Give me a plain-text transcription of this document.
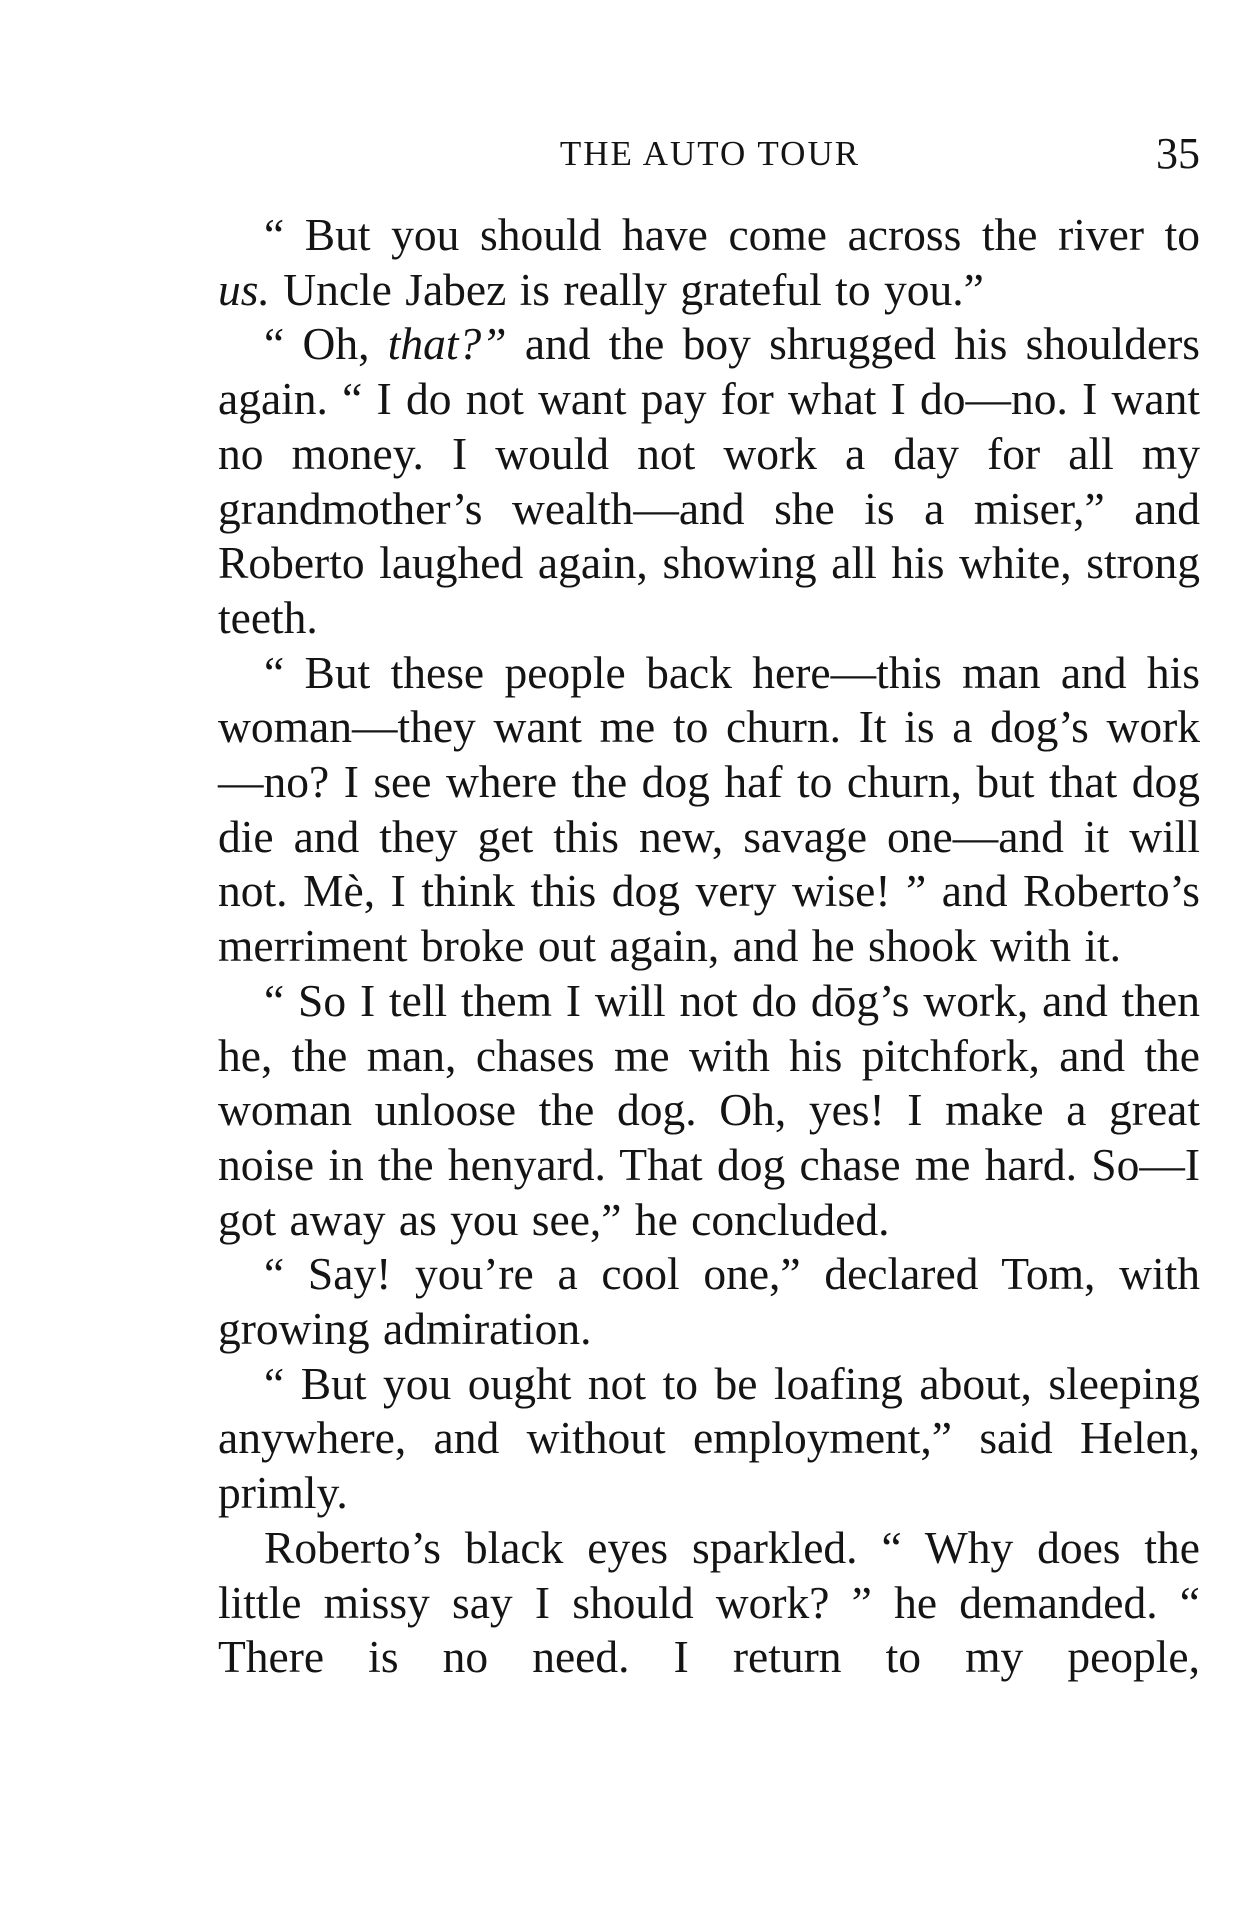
THE AUTO TOUR	35

“ But you should have come across the river to us. Uncle Jabez is really grateful to you.”

“ Oh, that?” and the boy shrugged his shoulders again. “ I do not want pay for what I do—no. I want no money. I would not work a day for all my grandmother’s wealth—and she is a miser,” and Roberto laughed again, showing all his white, strong teeth.

“ But these people back here—this man and his woman—they want me to churn. It is a dog’s work—no? I see where the dog haf to churn, but that dog die and they get this new, savage one—and it will not. Mè, I think this dog very wise! ” and Roberto’s merriment broke out again, and he shook with it.

“ So I tell them I will not do dōg’s work, and then he, the man, chases me with his pitchfork, and the woman unloose the dog. Oh, yes! I make a great noise in the henyard. That dog chase me hard. So—I got away as you see,” he concluded.

“ Say! you’re a cool one,” declared Tom, with growing admiration.

“ But you ought not to be loafing about, sleeping anywhere, and without employment,” said Helen, primly.

Roberto’s black eyes sparkled. “ Why does the little missy say I should work? ” he demanded. “ There is no need. I return to my people,
